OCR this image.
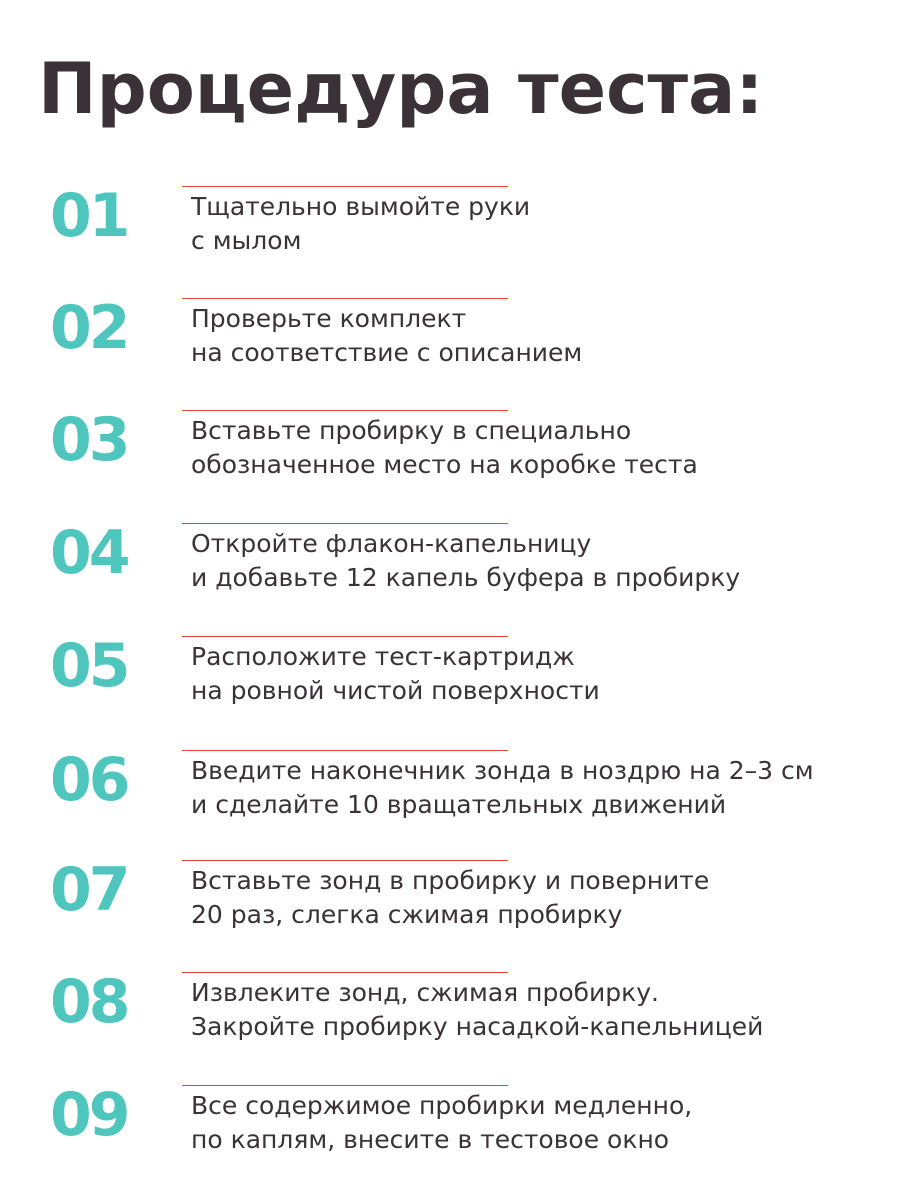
Процедура теста:
01	Тщательно вымойте руки
с мылом

02	Проверьте комплект
на соответствие с описанием

03	Вставьте пробирку в специально
обозначенное место на коробке теста

04	Откройте флакон-капельницу
и добавьте 12 капель буфера в пробирку

05	Расположите тест-картридж
на ровной чистой поверхности

06	Введите наконечник зонда в ноздрю на 2–3 см
и сделайте 10 вращательных движений

07	Вставьте зонд в пробирку и поверните
20 раз, слегка сжимая пробирку

08	Извлеките зонд, сжимая пробирку.
Закройте пробирку насадкой-капельницей

09	Все содержимое пробирки медленно,
по каплям, внесите в тестовое окно
